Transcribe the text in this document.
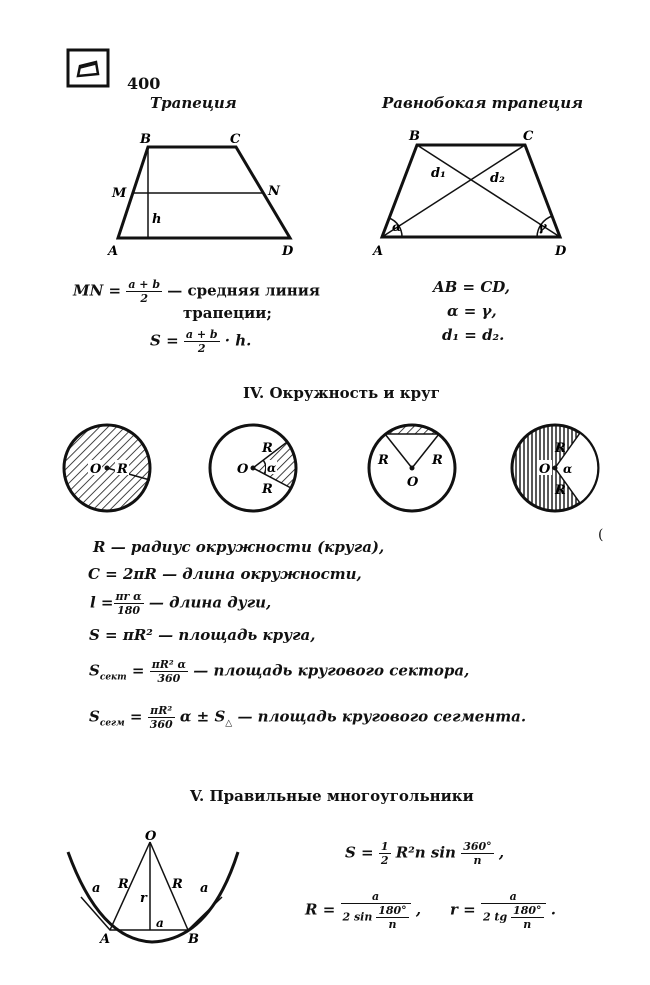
400
Трапеция	Равнобокая трапеция
B	C
A	D
M	N
h
B	C
A	D
d₁	d₂
α	γ
MN = $\frac{a + b}{2}$ — средняя линия
трапеции;
$S = \frac{a + b}{2} \cdot h$.
AB = CD,
α = γ,
d₁ = d₂.
IV. Окружность и круг
O R	α
O
R
R
R	R
O
O α
R
R
(
R — радиус окружности (круга),
C = 2πR — длина окружности,
$l = \frac{\text{πr α}}{180}$ — длина дуги,
S = πR² — площадь круга,
$S_{сект} = \frac{\text{πR² α}}{360}$ — площадь кругового сектора,
$S_{сегм} = \frac{\text{πR²}}{360}$ $\alpha \pm S_\triangle$ — площадь кругового сегмента.
V. Правильные многоугольники
O
A	B
R	R
r
a	a
a
$S = \frac{1}{2} R^2n$ $\sin \frac{360^\circ}{n}$ ,
$R = \frac{a}{2 \sin \frac{180^\circ}{n}}$ , $r = \frac{a}{2 tg \frac{180^\circ}{n}}$ .
